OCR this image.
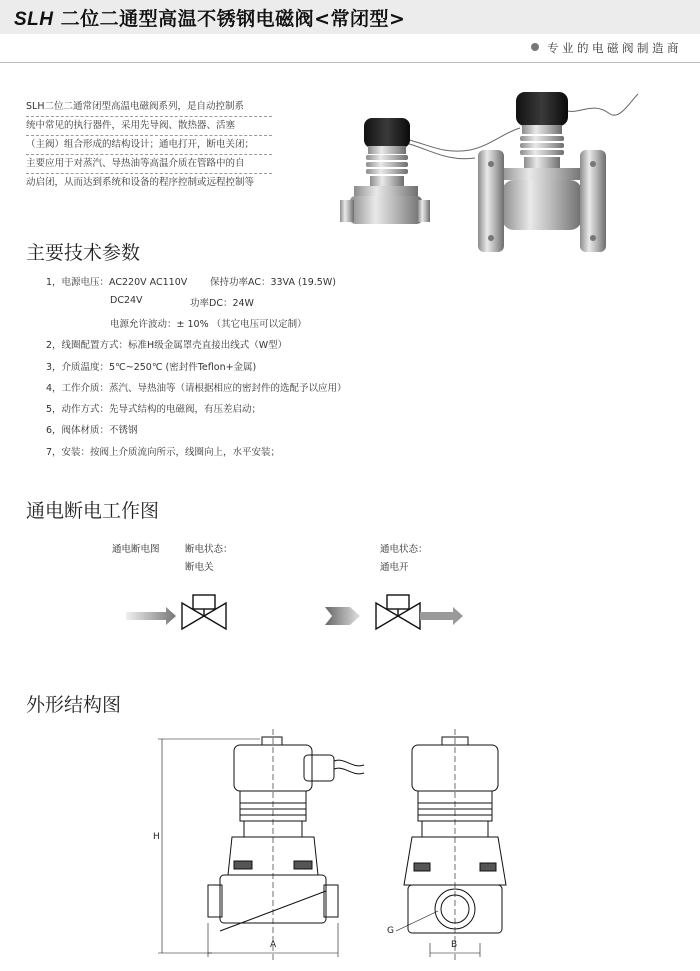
SLH 二位二通型高温不锈钢电磁阀<常闭型>
专业的电磁阀制造商
SLH二位二通常闭型高温电磁阀系列，是自动控制系
统中常见的执行器件，采用先导阀、散热器、活塞
（主阀）组合形成的结构设计；通电打开，断电关闭；
主要应用于对蒸汽、导热油等高温介质在管路中的自
动启闭，从而达到系统和设备的程序控制或远程控制等
主要技术参数
1，电源电压：AC220V AC110V 保持功率AC：33VA (19.5W)
DC24V	功率DC：24W
电源允许波动：± 10% （其它电压可以定制）
2，线圈配置方式：标准H级金属罩壳直接出线式（W型）
3，介质温度：5℃~250℃ (密封件Teflon+金属)
4，工作介质：蒸汽、导热油等（请根据相应的密封件的选配予以应用）
5，动作方式：先导式结构的电磁阀，有压差启动；
6，阀体材质：不锈钢
7，安装：按阀上介质流向所示，线圈向上，水平安装；
通电断电工作图
通电断电图	断电状态：
断电关
通电状态：
通电开
外形结构图
H
A	B
G
